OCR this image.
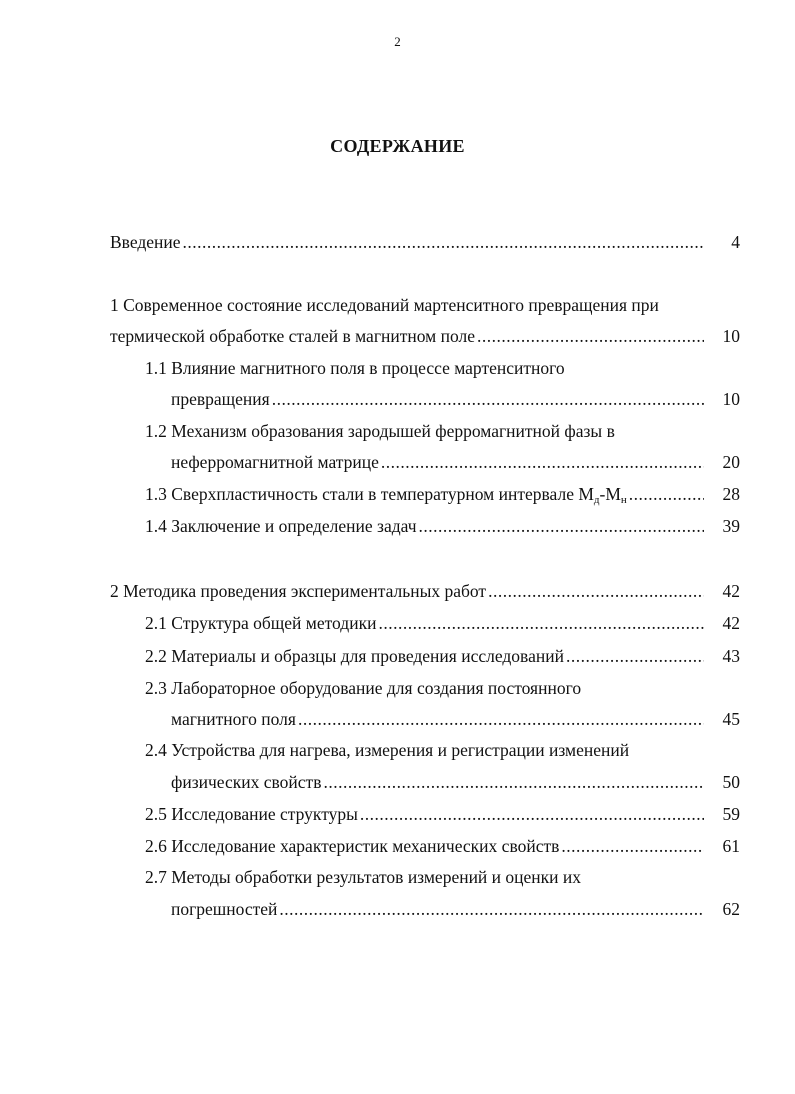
2
СОДЕРЖАНИЕ
Введение .....	4
1 Современное состояние исследований мартенситного превращения при
термической обработке сталей в магнитном поле .....	10
1.1 Влияние магнитного поля в процессе мартенситного
превращения .....	10
1.2 Механизм образования зародышей ферромагнитной фазы в
неферромагнитной матрице .....	20
1.3 Сверхпластичность стали в температурном интервале $M_д-M_н$ .....	28
1.4 Заключение и определение задач .....	39
2 Методика проведения экспериментальных работ .....	42
2.1 Структура общей методики .....	42
2.2 Материалы и образцы для проведения исследований .....	43
2.3 Лабораторное оборудование для создания постоянного
магнитного поля .....	45
2.4 Устройства для нагрева, измерения и регистрации изменений
физических свойств .....	50
2.5 Исследование структуры .....	59
2.6 Исследование характеристик механических свойств .....	61
2.7 Методы обработки результатов измерений и оценки их
погрешностей .....	62
